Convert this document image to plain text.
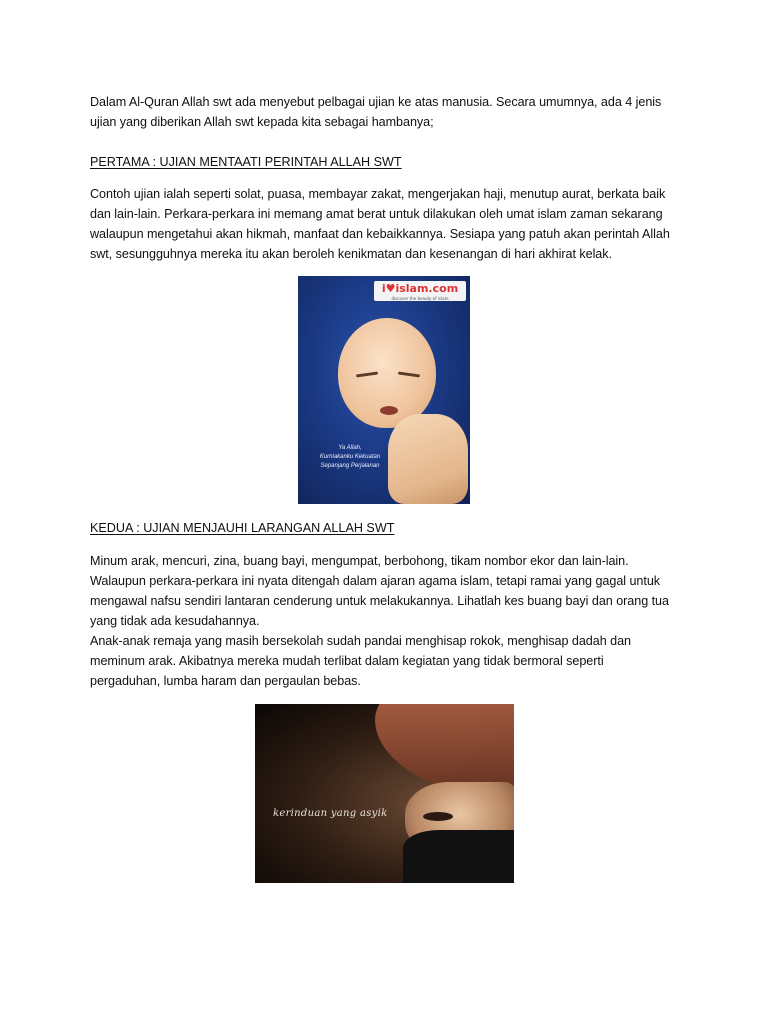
Dalam Al-Quran Allah swt ada menyebut pelbagai ujian ke atas manusia. Secara umumnya, ada 4 jenis
ujian yang diberikan Allah swt kepada kita sebagai hambanya;

PERTAMA : UJIAN MENTAATI PERINTAH ALLAH SWT

Contoh ujian ialah seperti solat, puasa, membayar zakat, mengerjakan haji, menutup aurat, berkata baik
dan lain-lain. Perkara-perkara ini memang amat berat untuk dilakukan oleh umat islam zaman sekarang
walaupun mengetahui akan hikmah, manfaat dan kebaikkannya. Sesiapa yang patuh akan perintah Allah
swt, sesungguhnya mereka itu akan beroleh kenikmatan dan kesenangan di hari akhirat kelak.

i♥islam.com
discover the beauty of islam
Ya Allah,
Kurniakanku Kekuatan
Sepanjang Perjalanan

KEDUA : UJIAN MENJAUHI LARANGAN ALLAH SWT

Minum arak, mencuri, zina, buang bayi, mengumpat, berbohong, tikam nombor ekor dan lain-lain.
Walaupun perkara-perkara ini nyata ditengah dalam ajaran agama islam, tetapi ramai yang gagal untuk
mengawal nafsu sendiri lantaran cenderung untuk melakukannya. Lihatlah kes buang bayi dan orang tua
yang tidak ada kesudahannya.
Anak-anak remaja yang masih bersekolah sudah pandai menghisap rokok, menghisap dadah dan
meminum arak. Akibatnya mereka mudah terlibat dalam kegiatan yang tidak bermoral seperti
pergaduhan, lumba haram dan pergaulan bebas.

kerinduan yang asyik
